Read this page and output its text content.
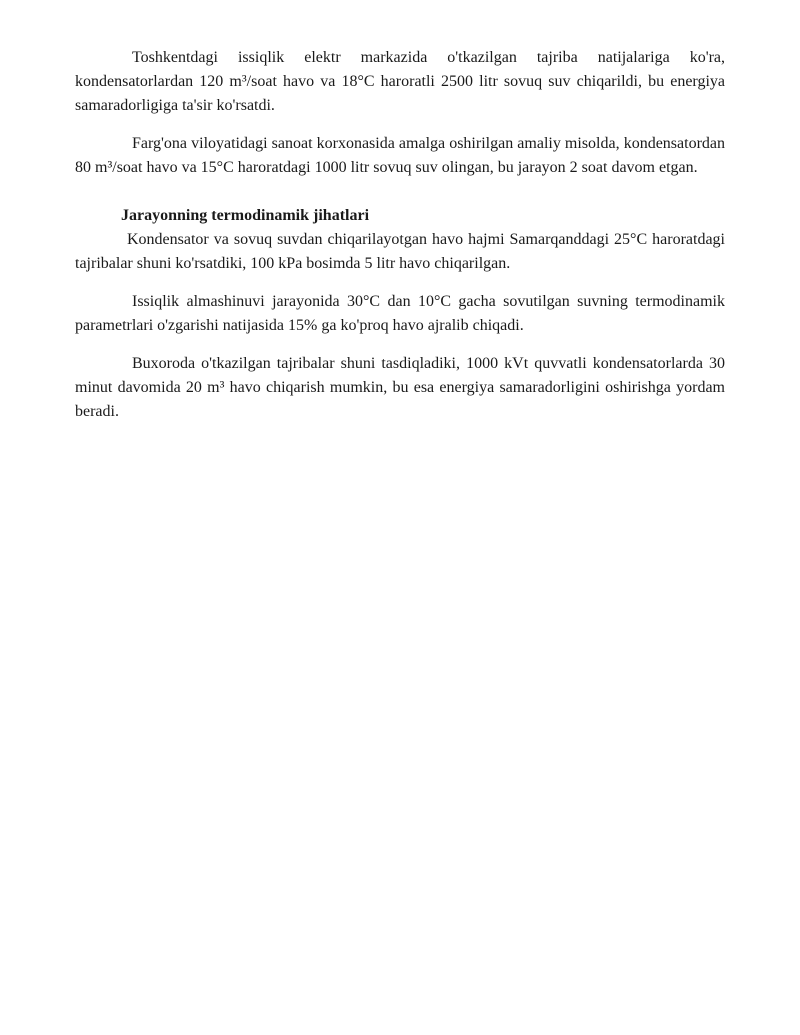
Toshkentdagi issiqlik elektr markazida o'tkazilgan tajriba natijalariga ko'ra, kondensatorlardan 120 m³/soat havo va 18°C haroratli 2500 litr sovuq suv chiqarildi, bu energiya samaradorligiga ta'sir ko'rsatdi.

Farg'ona viloyatidagi sanoat korxonasida amalga oshirilgan amaliy misolda, kondensatordan 80 m³/soat havo va 15°C haroratdagi 1000 litr sovuq suv olingan, bu jarayon 2 soat davom etgan.

Jarayonning termodinamik jihatlari

Kondensator va sovuq suvdan chiqarilayotgan havo hajmi Samarqanddagi 25°C haroratdagi tajribalar shuni ko'rsatdiki, 100 kPa bosimda 5 litr havo chiqarilgan.

Issiqlik almashinuvi jarayonida 30°C dan 10°C gacha sovutilgan suvning termodinamik parametrlari o'zgarishi natijasida 15% ga ko'proq havo ajralib chiqadi.

Buxoroda o'tkazilgan tajribalar shuni tasdiqladiki, 1000 kVt quvvatli kondensatorlarda 30 minut davomida 20 m³ havo chiqarish mumkin, bu esa energiya samaradorligini oshirishga yordam beradi.
